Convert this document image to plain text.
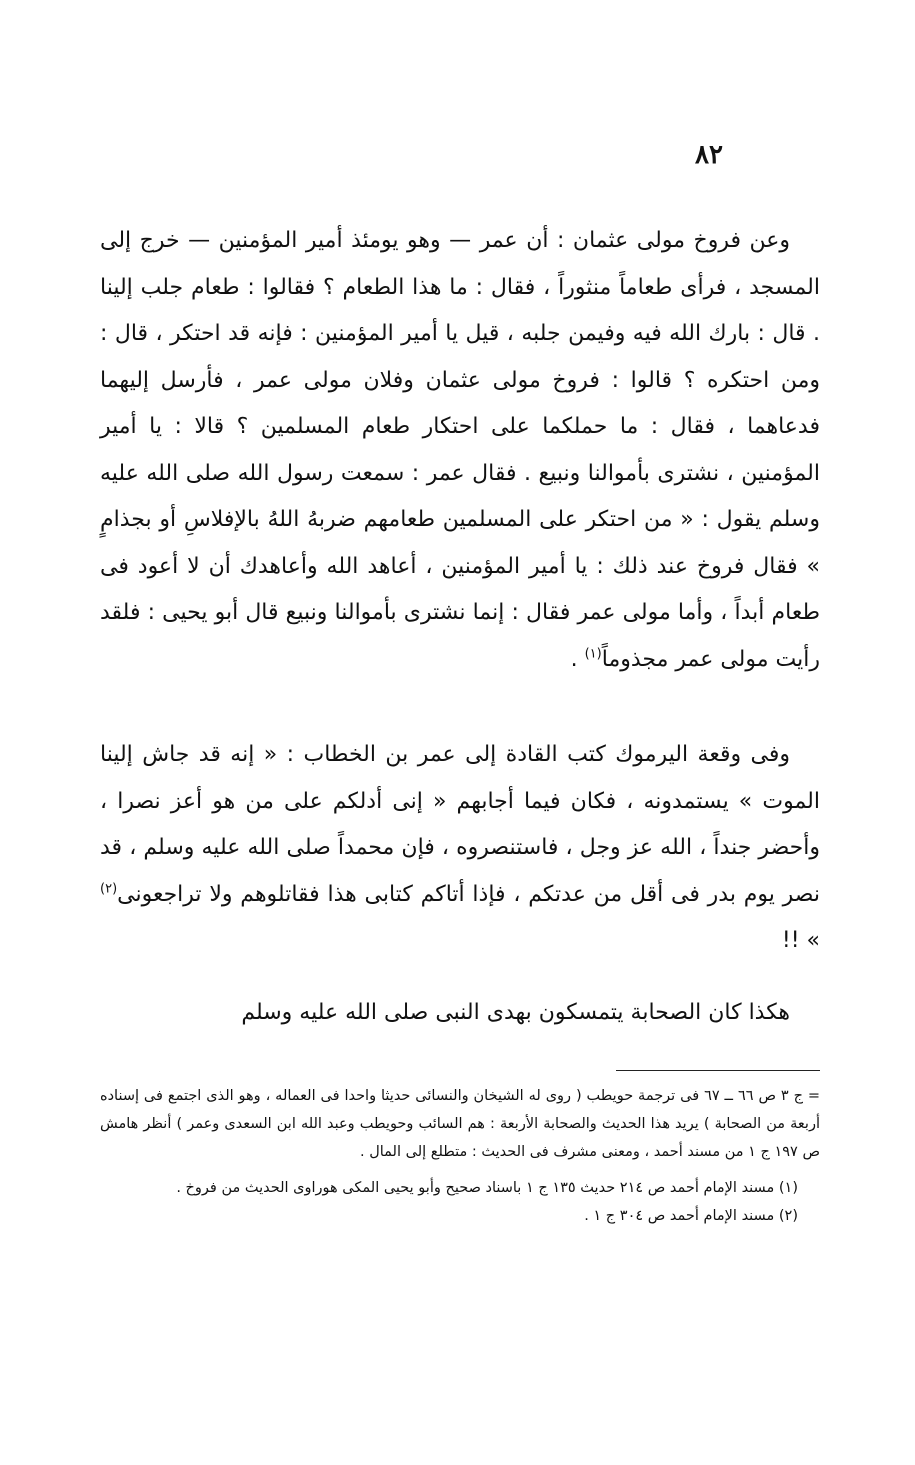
٨٢

وعن فروخ مولى عثمان : أن عمر — وهو يومئذ أمير المؤمنين — خرج إلى المسجد ، فرأى طعاماً منثوراً ، فقال : ما هذا الطعام ؟ فقالوا : طعام جلب إلينا . قال : بارك الله فيه وفيمن جلبه ، قيل يا أمير المؤمنين : فإنه قد احتكر ، قال : ومن احتكره ؟ قالوا : فروخ مولى عثمان وفلان مولى عمر ، فأرسل إليهما فدعاهما ، فقال : ما حملكما على احتكار طعام المسلمين ؟ قالا : يا أمير المؤمنين ، نشترى بأموالنا ونبيع . فقال عمر : سمعت رسول الله صلى الله عليه وسلم يقول : « من احتكر على المسلمين طعامهم ضربهُ اللهُ بالإفلاسِ أو بجذامٍ » فقال فروخ عند ذلك : يا أمير المؤمنين ، أعاهد الله وأعاهدك أن لا أعود فى طعام أبداً ، وأما مولى عمر فقال : إنما نشترى بأموالنا ونبيع قال أبو يحيى : فلقد رأيت مولى عمر مجذوماً$^{(١)}$ .

وفى وقعة اليرموك كتب القادة إلى عمر بن الخطاب : « إنه قد جاش إلينا الموت » يستمدونه ، فكان فيما أجابهم « إنى أدلكم على من هو أعز نصرا ، وأحضر جنداً ، الله عز وجل ، فاستنصروه ، فإن محمداً صلى الله عليه وسلم ، قد نصر يوم بدر فى أقل من عدتكم ، فإذا أتاكم كتابى هذا فقاتلوهم ولا تراجعونى$^{(٢)}$ » !!

هكذا كان الصحابة يتمسكون بهدى النبى صلى الله عليه وسلم

= ج ٣ ص ٦٦ ــ ٦٧ فى ترجمة حويطب ( روى له الشيخان والنسائى حديثا واحدا فى العماله ، وهو الذى اجتمع فى إسناده أربعة من الصحابة ) يريد هذا الحديث والصحابة الأربعة : هم السائب وحويطب وعبد الله ابن السعدى وعمر ) أنظر هامش ص ١٩٧ ج ١ من مسند أحمد ، ومعنى مشرف فى الحديث : متطلع إلى المال .

(١) مسند الإمام أحمد ص ٢١٤ حديث ١٣٥ ج ١ باسناد صحيح وأبو يحيى المكى هوراوى الحديث من فروخ .

(٢) مسند الإمام أحمد ص ٣٠٤ ج ١ .
